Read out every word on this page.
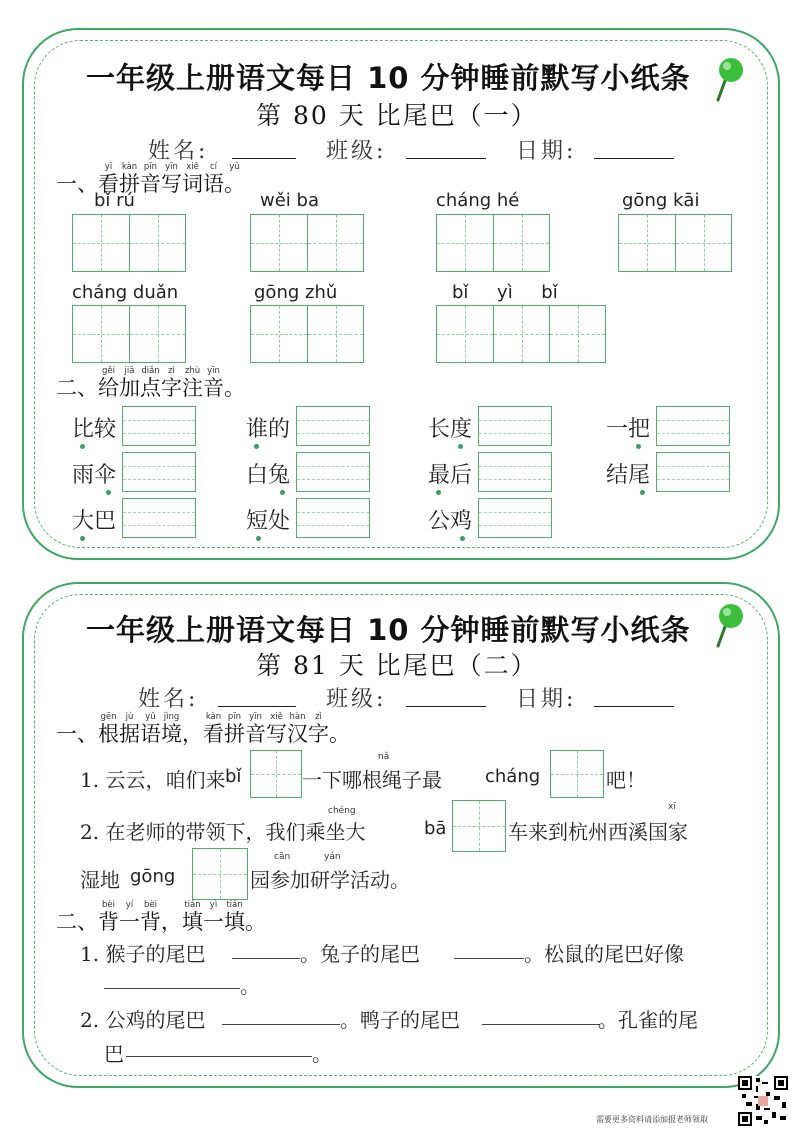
一年级上册语文每日 10 分钟睡前默写小纸条
第 80 天 比尾巴（一）
姓名:	班级:	日期:
一、
yī
看
kàn
拼
pīn
音
yīn
写
xiě
词
cí
语
yǔ
。
bǐ rú	wěi ba	cháng hé	gōng kāi
cháng duǎn	gōng zhǔ	bǐ     yì     bǐ
二、
gěi
给
jiā
加
diǎn
点
zì
字
zhù
注
yīn
音 。
比较	谁的	长度	一把
雨伞	白兔	最后	结尾
大巴	短处	公鸡
一年级上册语文每日 10 分钟睡前默写小纸条
第 81 天 比尾巴（二）
姓名:	班级:	日期:
一、
gēn
根
jù
据
yǔ
语
jìng
境 ，
kàn
看
pīn
拼
yīn
音
xiě
写
hàn
汉
zì
字 。
1. 云云，咱们来 bǐ
nǎ
一下哪根绳子最 cháng	吧！
chéng	xī
2. 在老师的带领下，我们乘坐大	bā	车来到杭州西溪国家
cān	yán
湿地 gōng	园参加研学活动。
二、
bèi
背
yí
一
bèi
背 ，
tián
填
yì
一
tián
填 。
1. 猴子的尾巴	。兔子的尾巴	。松鼠的尾巴好像
。
2. 公鸡的尾巴	。鸭子的尾巴	。孔雀的尾
巴	。
需要更多资料请添加报老师领取
